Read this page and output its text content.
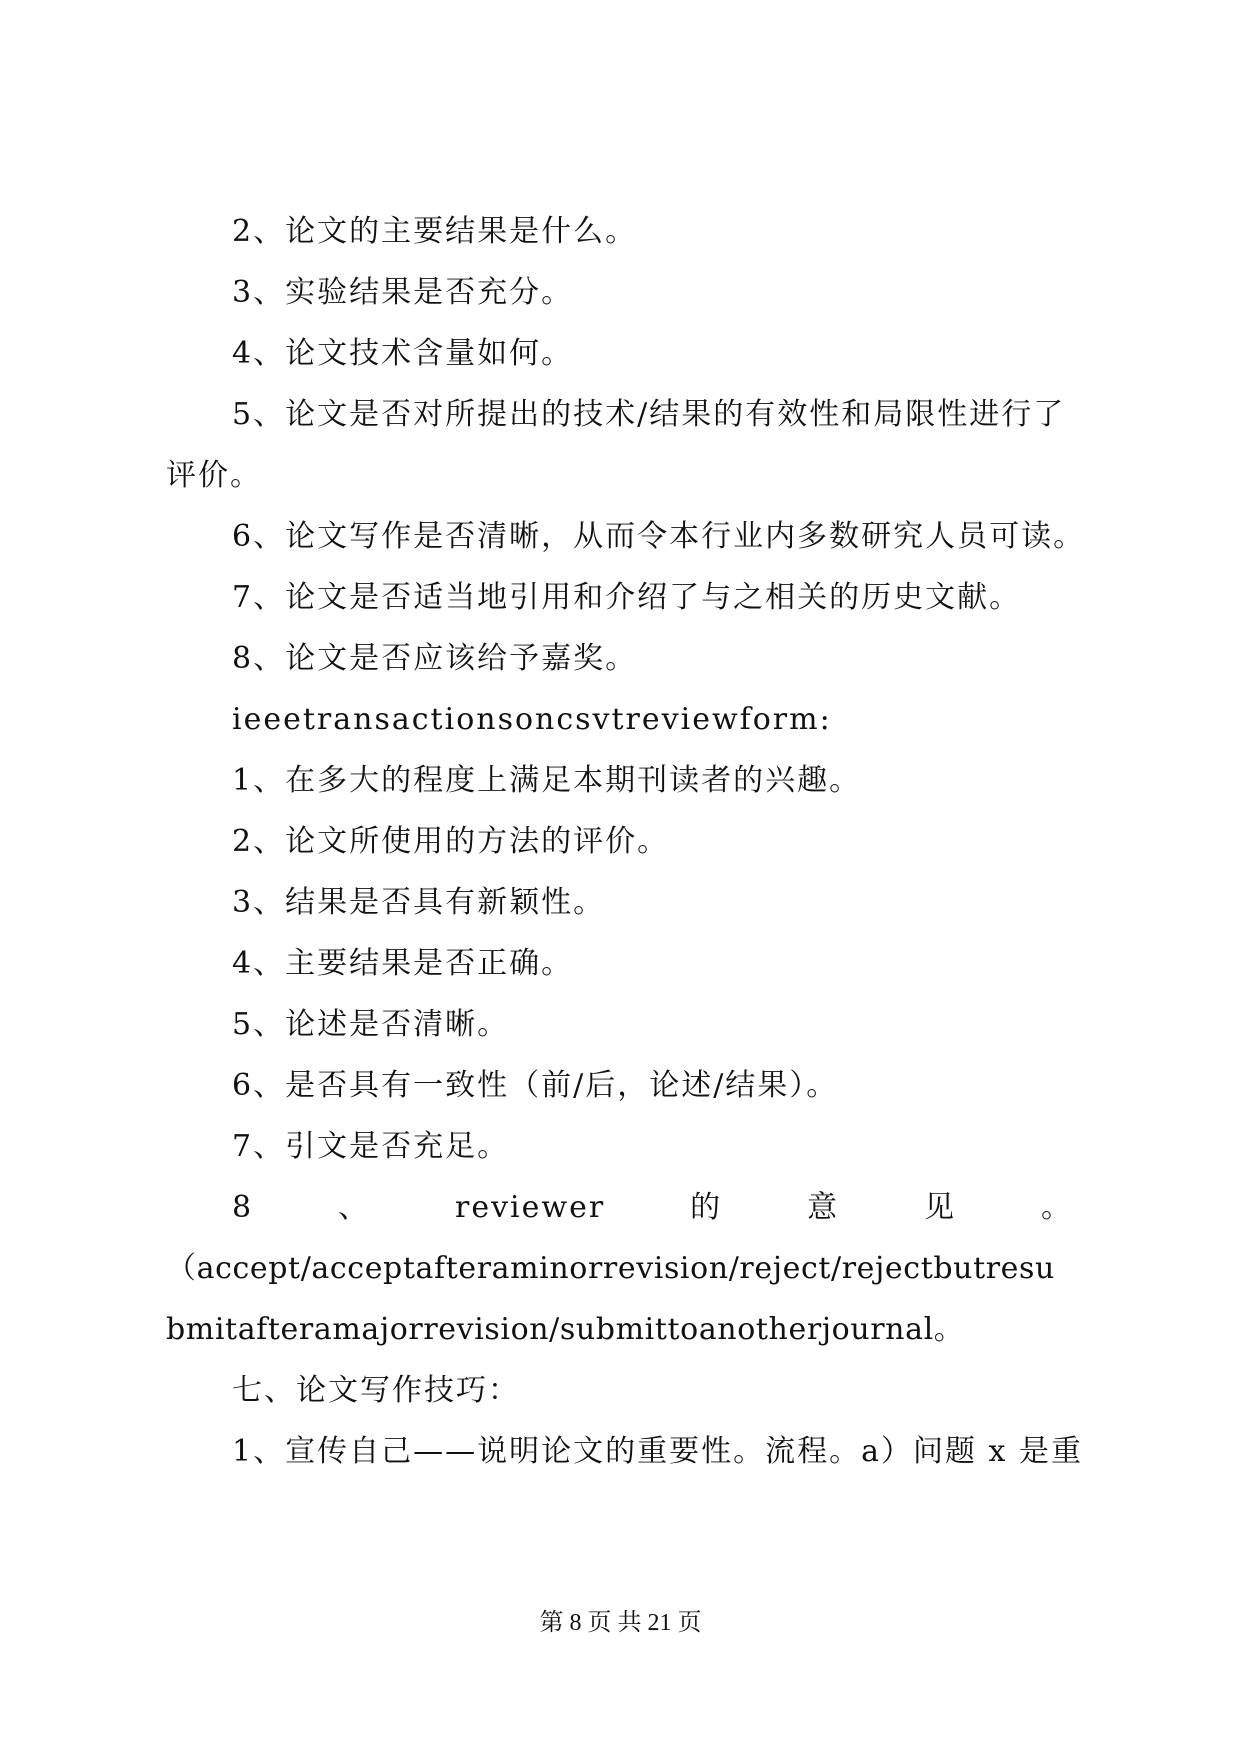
2、论文的主要结果是什么。
3、实验结果是否充分。
4、论文技术含量如何。
5、论文是否对所提出的技术/结果的有效性和局限性进行了
评价。
6、论文写作是否清晰，从而令本行业内多数研究人员可读。
7、论文是否适当地引用和介绍了与之相关的历史文献。
8、论文是否应该给予嘉奖。
ieeetransactionsoncsvtreviewform:
1、在多大的程度上满足本期刊读者的兴趣。
2、论文所使用的方法的评价。
3、结果是否具有新颖性。
4、主要结果是否正确。
5、论述是否清晰。
6、是否具有一致性（前/后，论述/结果）。
7、引文是否充足。
8	、	reviewer	的	意	见	。
（accept/acceptafteraminorrevision/reject/rejectbutresu
bmitafteramajorrevision/submittoanotherjournal。
七、论文写作技巧：
1、宣传自己——说明论文的重要性。流程。a）问题 x 是重
第 8 页 共 21 页
